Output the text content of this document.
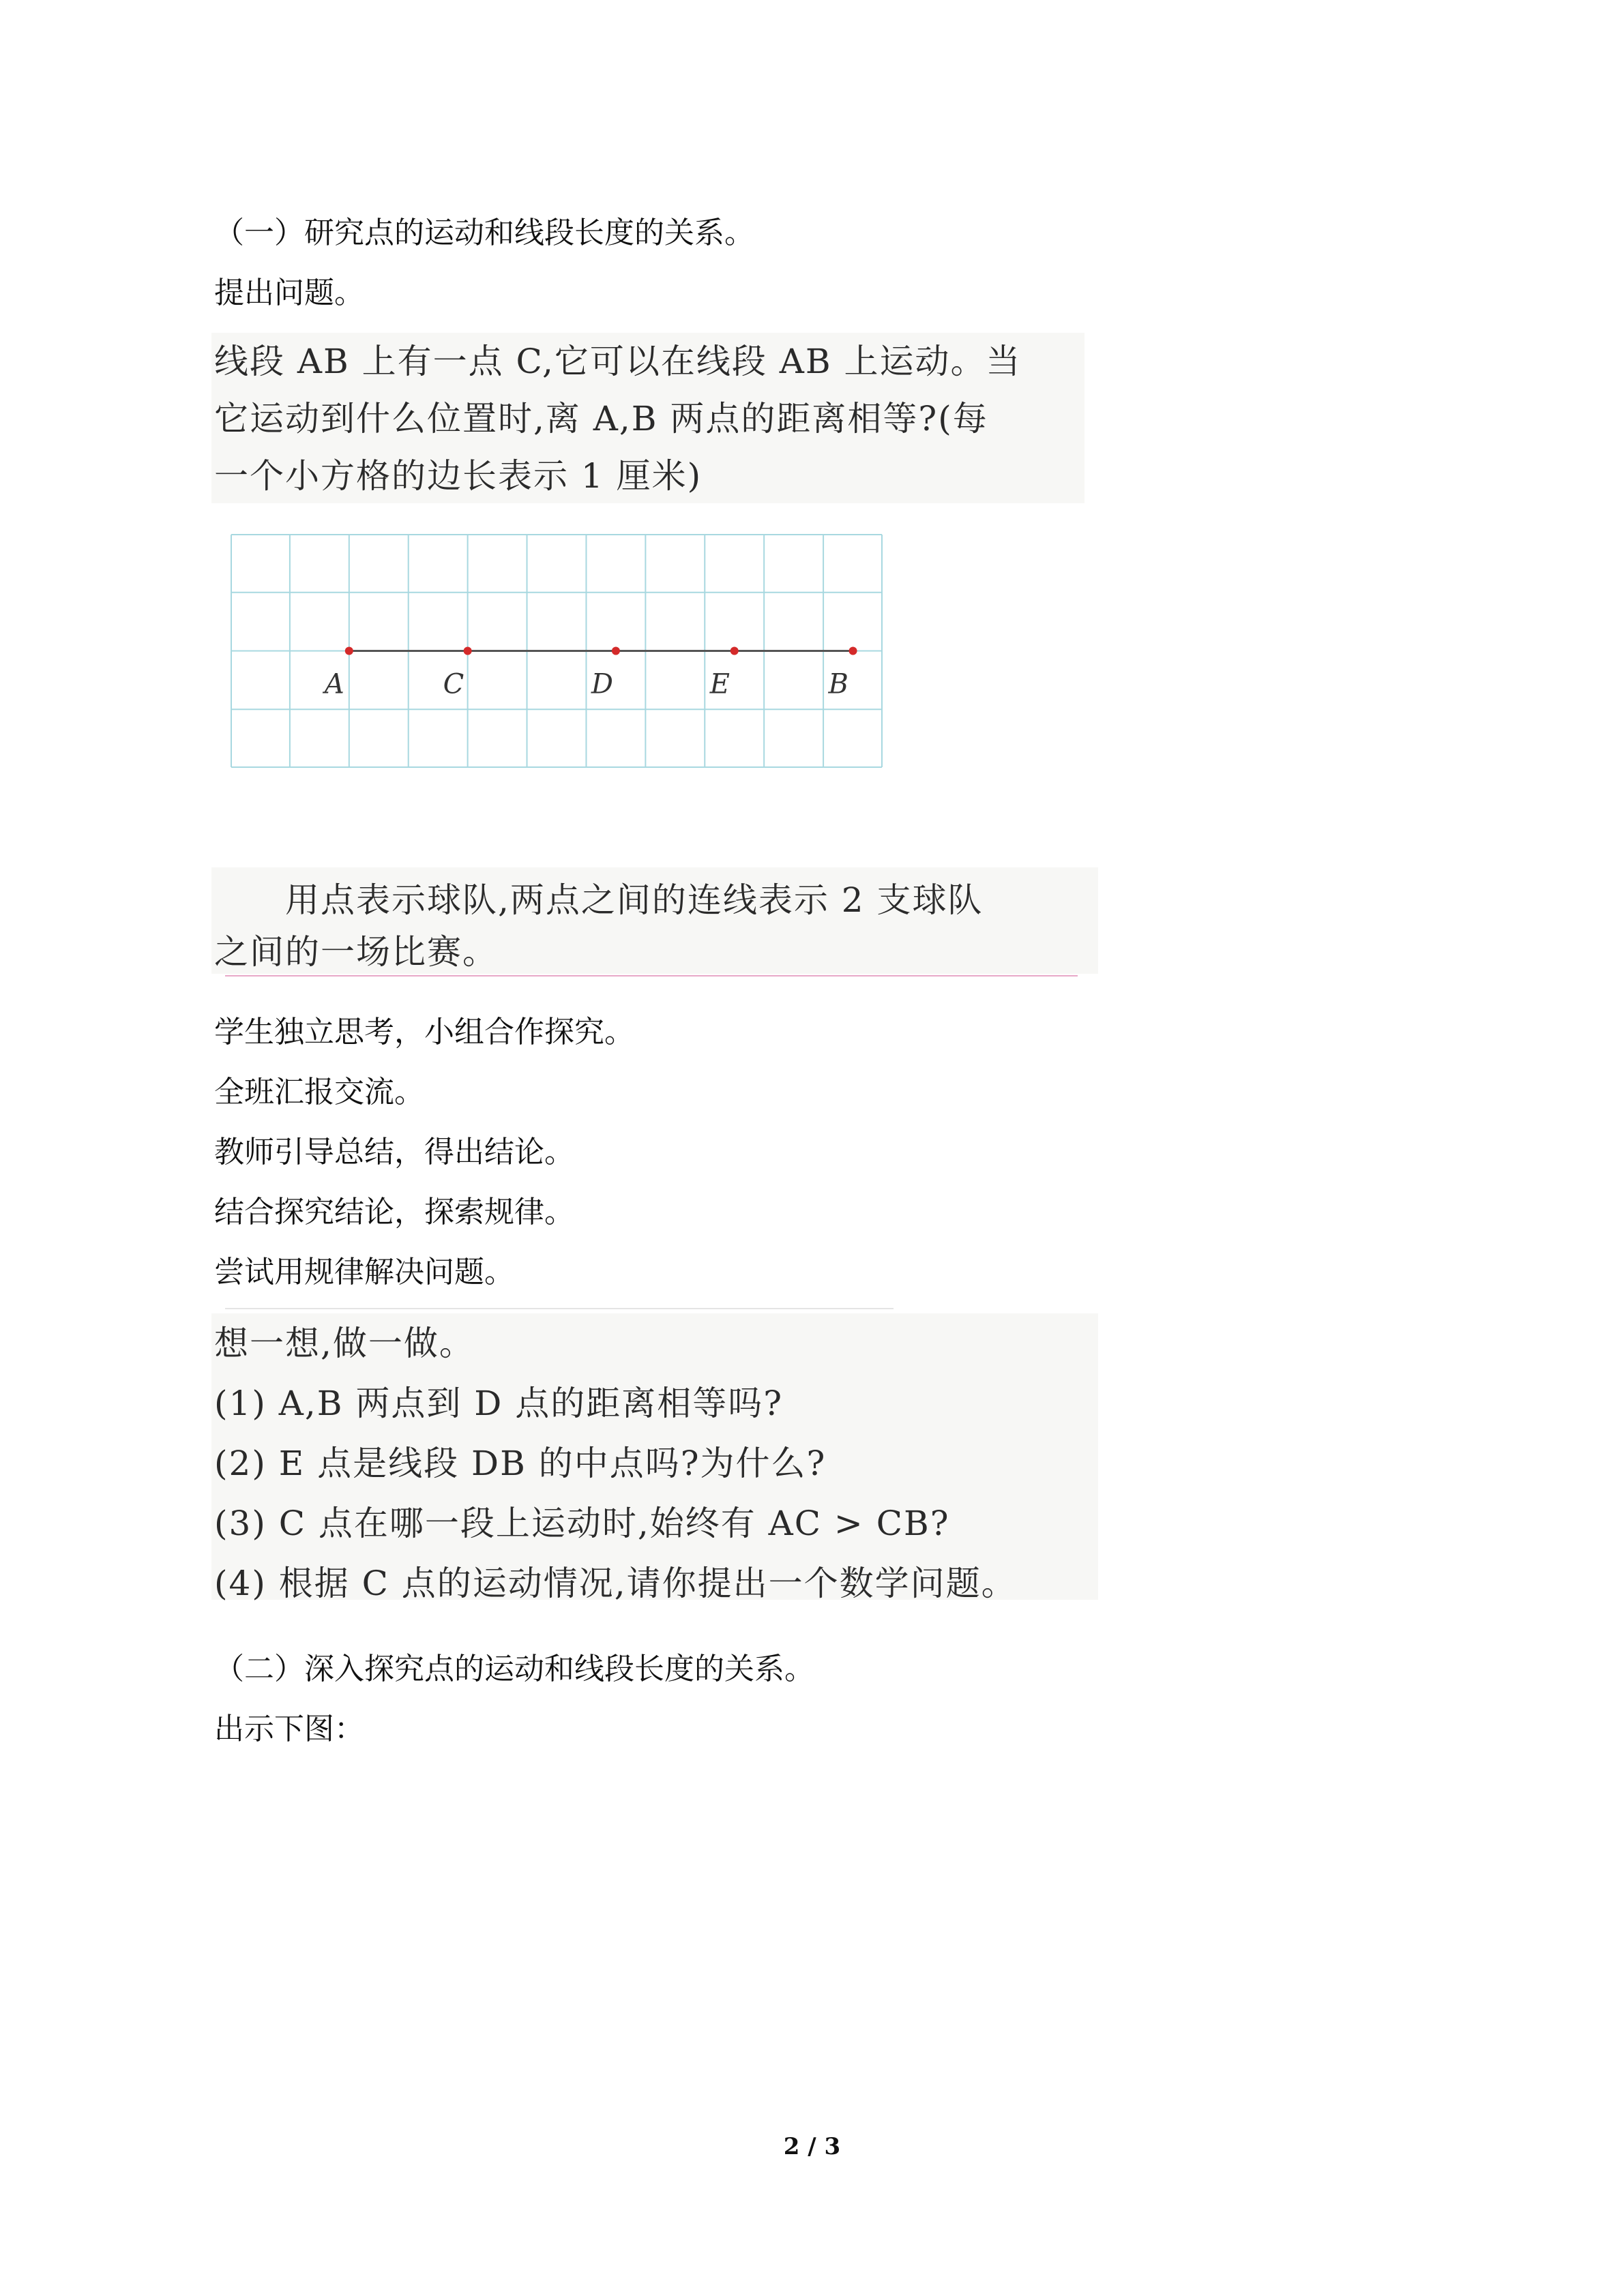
（一）研究点的运动和线段长度的关系。
提出问题。
线段 AB 上有一点 C,它可以在线段 AB 上运动。当
它运动到什么位置时,离 A,B 两点的距离相等?(每
一个小方格的边长表示 1 厘米)
A	C	D	E	B
　　用点表示球队,两点之间的连线表示 2 支球队
之间的一场比赛。
学生独立思考，小组合作探究。
全班汇报交流。
教师引导总结，得出结论。
结合探究结论，探索规律。
尝试用规律解决问题。
想一想,做一做。
(1) A,B 两点到 D 点的距离相等吗?
(2) E 点是线段 DB 的中点吗?为什么?
(3) C 点在哪一段上运动时,始终有 AC > CB?
(4) 根据 C 点的运动情况,请你提出一个数学问题。
（二）深入探究点的运动和线段长度的关系。
出示下图：
2 / 3
